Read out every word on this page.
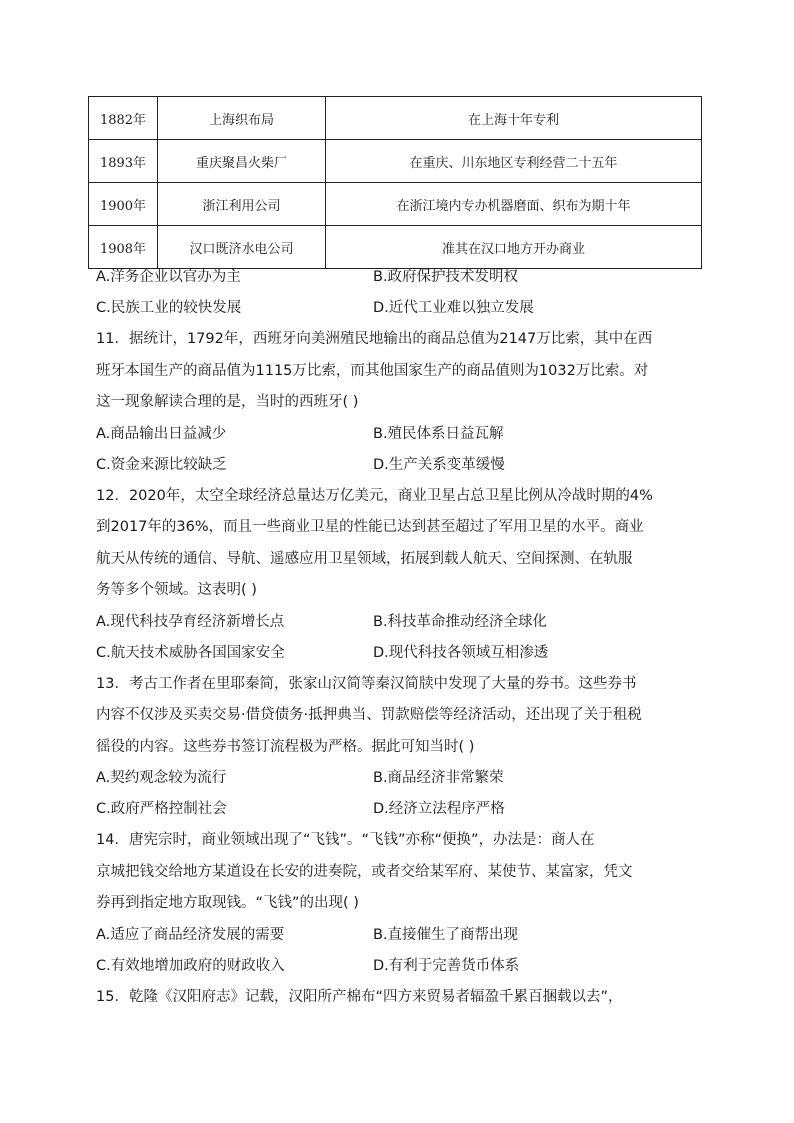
1882年	上海织布局	在上海十年专利
1893年	重庆聚昌火柴厂	在重庆、川东地区专利经营二十五年
1900年	浙江利用公司	在浙江境内专办机器磨面、织布为期十年
1908年	汉口既济水电公司	准其在汉口地方开办商业
A.洋务企业以官办为主	B.政府保护技术发明权
C.民族工业的较快发展	D.近代工业难以独立发展
11．据统计，1792年，西班牙向美洲殖民地输出的商品总值为2147万比索，其中在西
班牙本国生产的商品值为1115万比索，而其他国家生产的商品值则为1032万比索。对
这一现象解读合理的是，当时的西班牙( )
A.商品输出日益减少	B.殖民体系日益瓦解
C.资金来源比较缺乏	D.生产关系变革缓慢
12．2020年，太空全球经济总量达万亿美元，商业卫星占总卫星比例从冷战时期的4%
到2017年的36%，而且一些商业卫星的性能已达到甚至超过了军用卫星的水平。商业
航天从传统的通信、导航、遥感应用卫星领域，拓展到载人航天、空间探测、在轨服
务等多个领域。这表明( )
A.现代科技孕育经济新增长点	B.科技革命推动经济全球化
C.航天技术威胁各国国家安全	D.现代科技各领域互相渗透
13．考古工作者在里耶秦简，张家山汉简等秦汉简牍中发现了大量的券书。这些券书
内容不仅涉及买卖交易·借贷债务·抵押典当、罚款赔偿等经济活动，还出现了关于租税
徭役的内容。这些券书签订流程极为严格。据此可知当时( )
A.契约观念较为流行	B.商品经济非常繁荣
C.政府严格控制社会	D.经济立法程序严格
14．唐宪宗时，商业领域出现了“飞钱”。“飞钱”亦称“便换”，办法是：商人在
京城把钱交给地方某道设在长安的进奏院，或者交给某军府、某使节、某富家，凭文
券再到指定地方取现钱。“飞钱”的出现( )
A.适应了商品经济发展的需要	B.直接催生了商帮出现
C.有效地增加政府的财政收入	D.有利于完善货币体系
15．乾隆《汉阳府志》记载，汉阳所产棉布“四方来贸易者辐盈千累百捆载以去”，
